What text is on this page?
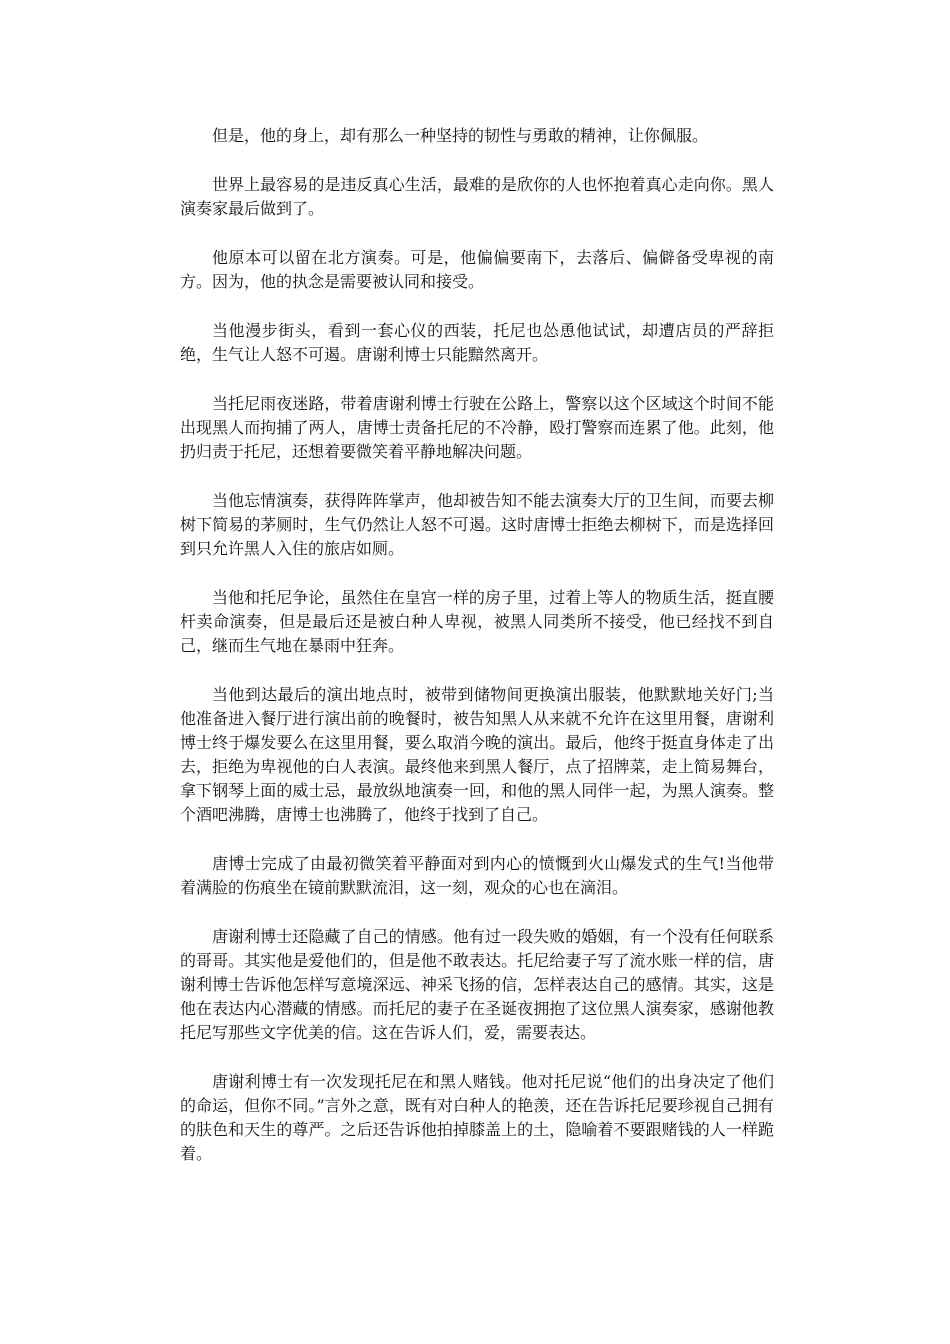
但是，他的身上，却有那么一种坚持的韧性与勇敢的精神，让你佩服。

世界上最容易的是违反真心生活，最难的是欣你的人也怀抱着真心走向你。黑人演奏家最后做到了。

他原本可以留在北方演奏。可是，他偏偏要南下，去落后、偏僻备受卑视的南方。因为，他的执念是需要被认同和接受。

当他漫步街头，看到一套心仪的西装，托尼也怂恿他试试，却遭店员的严辞拒绝，生气让人怒不可遏。唐谢利博士只能黯然离开。

当托尼雨夜迷路，带着唐谢利博士行驶在公路上，警察以这个区域这个时间不能出现黑人而拘捕了两人，唐博士责备托尼的不冷静，殴打警察而连累了他。此刻，他扔归责于托尼，还想着要微笑着平静地解决问题。

当他忘情演奏，获得阵阵掌声，他却被告知不能去演奏大厅的卫生间，而要去柳树下简易的茅厕时，生气仍然让人怒不可遏。这时唐博士拒绝去柳树下，而是选择回到只允许黑人入住的旅店如厕。

当他和托尼争论，虽然住在皇宫一样的房子里，过着上等人的物质生活，挺直腰杆卖命演奏，但是最后还是被白种人卑视，被黑人同类所不接受，他已经找不到自己，继而生气地在暴雨中狂奔。

当他到达最后的演出地点时，被带到储物间更换演出服装，他默默地关好门;当他准备进入餐厅进行演出前的晚餐时，被告知黑人从来就不允许在这里用餐，唐谢利博士终于爆发要么在这里用餐，要么取消今晚的演出。最后，他终于挺直身体走了出去，拒绝为卑视他的白人表演。最终他来到黑人餐厅，点了招牌菜，走上简易舞台，拿下钢琴上面的威士忌，最放纵地演奏一回，和他的黑人同伴一起，为黑人演奏。整个酒吧沸腾，唐博士也沸腾了，他终于找到了自己。

唐博士完成了由最初微笑着平静面对到内心的愤慨到火山爆发式的生气!当他带着满脸的伤痕坐在镜前默默流泪，这一刻，观众的心也在滴泪。

唐谢利博士还隐藏了自己的情感。他有过一段失败的婚姻，有一个没有任何联系的哥哥。其实他是爱他们的，但是他不敢表达。托尼给妻子写了流水账一样的信，唐谢利博士告诉他怎样写意境深远、神采飞扬的信，怎样表达自己的感情。其实，这是他在表达内心潜藏的情感。而托尼的妻子在圣诞夜拥抱了这位黑人演奏家，感谢他教托尼写那些文字优美的信。这在告诉人们，爱，需要表达。

唐谢利博士有一次发现托尼在和黑人赌钱。他对托尼说“他们的出身决定了他们的命运，但你不同。”言外之意，既有对白种人的艳羡，还在告诉托尼要珍视自己拥有的肤色和天生的尊严。之后还告诉他拍掉膝盖上的土，隐喻着不要跟赌钱的人一样跪着。
